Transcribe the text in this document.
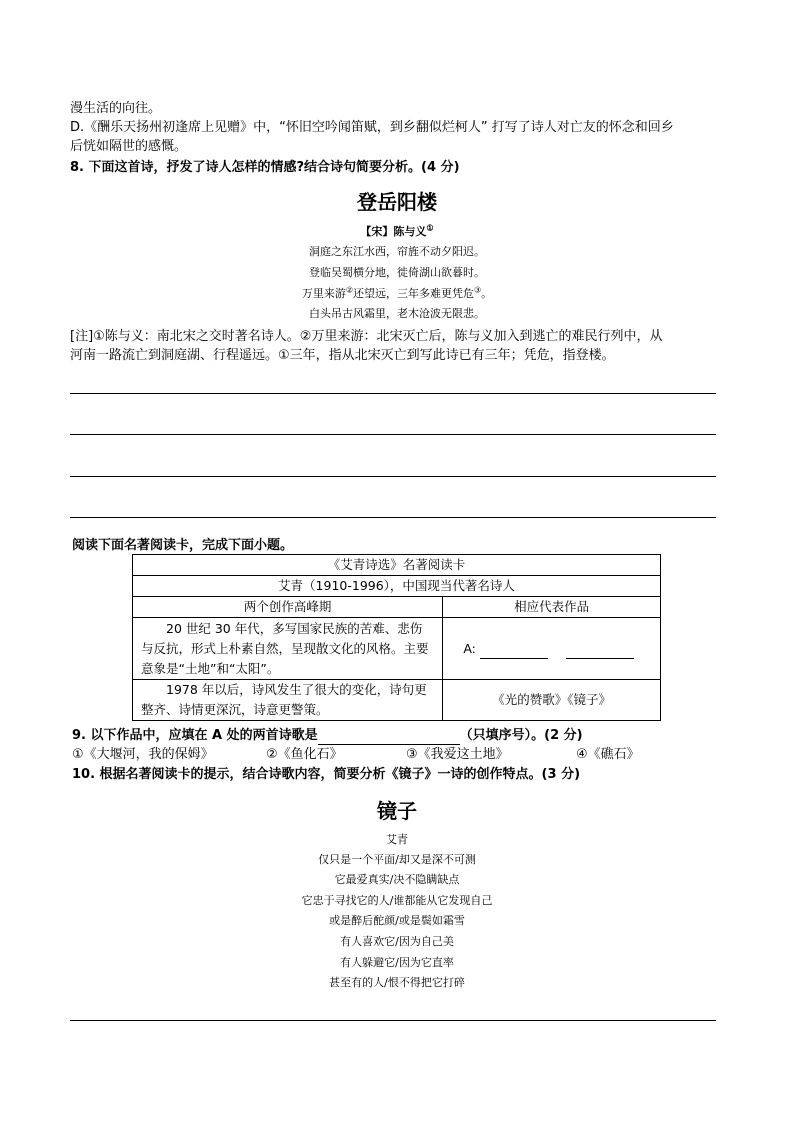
漫生活的向往。
D.《酬乐天扬州初逢席上见赠》中，“怀旧空吟闻笛赋，到乡翻似烂柯人” 打写了诗人对亡友的怀念和回乡
后恍如隔世的感慨。
8. 下面这首诗，抒发了诗人怎样的情感?结合诗句简要分析。(4 分)
登岳阳楼
【宋】陈与义①
洞庭之东江水西，帘旌不动夕阳迟。
登临吴蜀横分地，徙倚湖山欲暮时。
万里来游②还望远，三年多难更凭危③。
白头吊古风霜里，老木沧波无限悲。
[注]①陈与义：南北宋之交时著名诗人。②万里来游：北宋灭亡后，陈与义加入到逃亡的难民行列中，从
河南一路流亡到洞庭湖、行程遥远。①三年，指从北宋灭亡到写此诗已有三年；凭危，指登楼。
阅读下面名著阅读卡，完成下面小题。
《艾青诗选》名著阅读卡	
艾青（1910-1996），中国现当代著名诗人	
两个创作高峰期	相应代表作品
20 世纪 30 年代，多写国家民族的苦难、悲伤与反抗，形式上朴素自然，呈现散文化的风格。主要意象是“土地”和“太阳”。	A:
1978 年以后，诗风发生了很大的变化，诗句更整齐、诗情更深沉，诗意更警策。	《光的赞歌》《镜子》
9. 以下作品中，应填在 A 处的两首诗歌是	（只填序号）。(2 分)
①《大堰河，我的保姆》	②《鱼化石》	③《我爱这土地》	④《礁石》
10. 根据名著阅读卡的提示，结合诗歌内容，简要分析《镜子》一诗的创作特点。(3 分)
镜子
艾青
仅只是一个平面/却又是深不可测
它最爱真实/决不隐瞒缺点
它忠于寻找它的人/谁都能从它发现自己
或是醉后酡颜/或是鬓如霜雪
有人喜欢它/因为自己美
有人躲避它/因为它直率
甚至有的人/恨不得把它打碎
